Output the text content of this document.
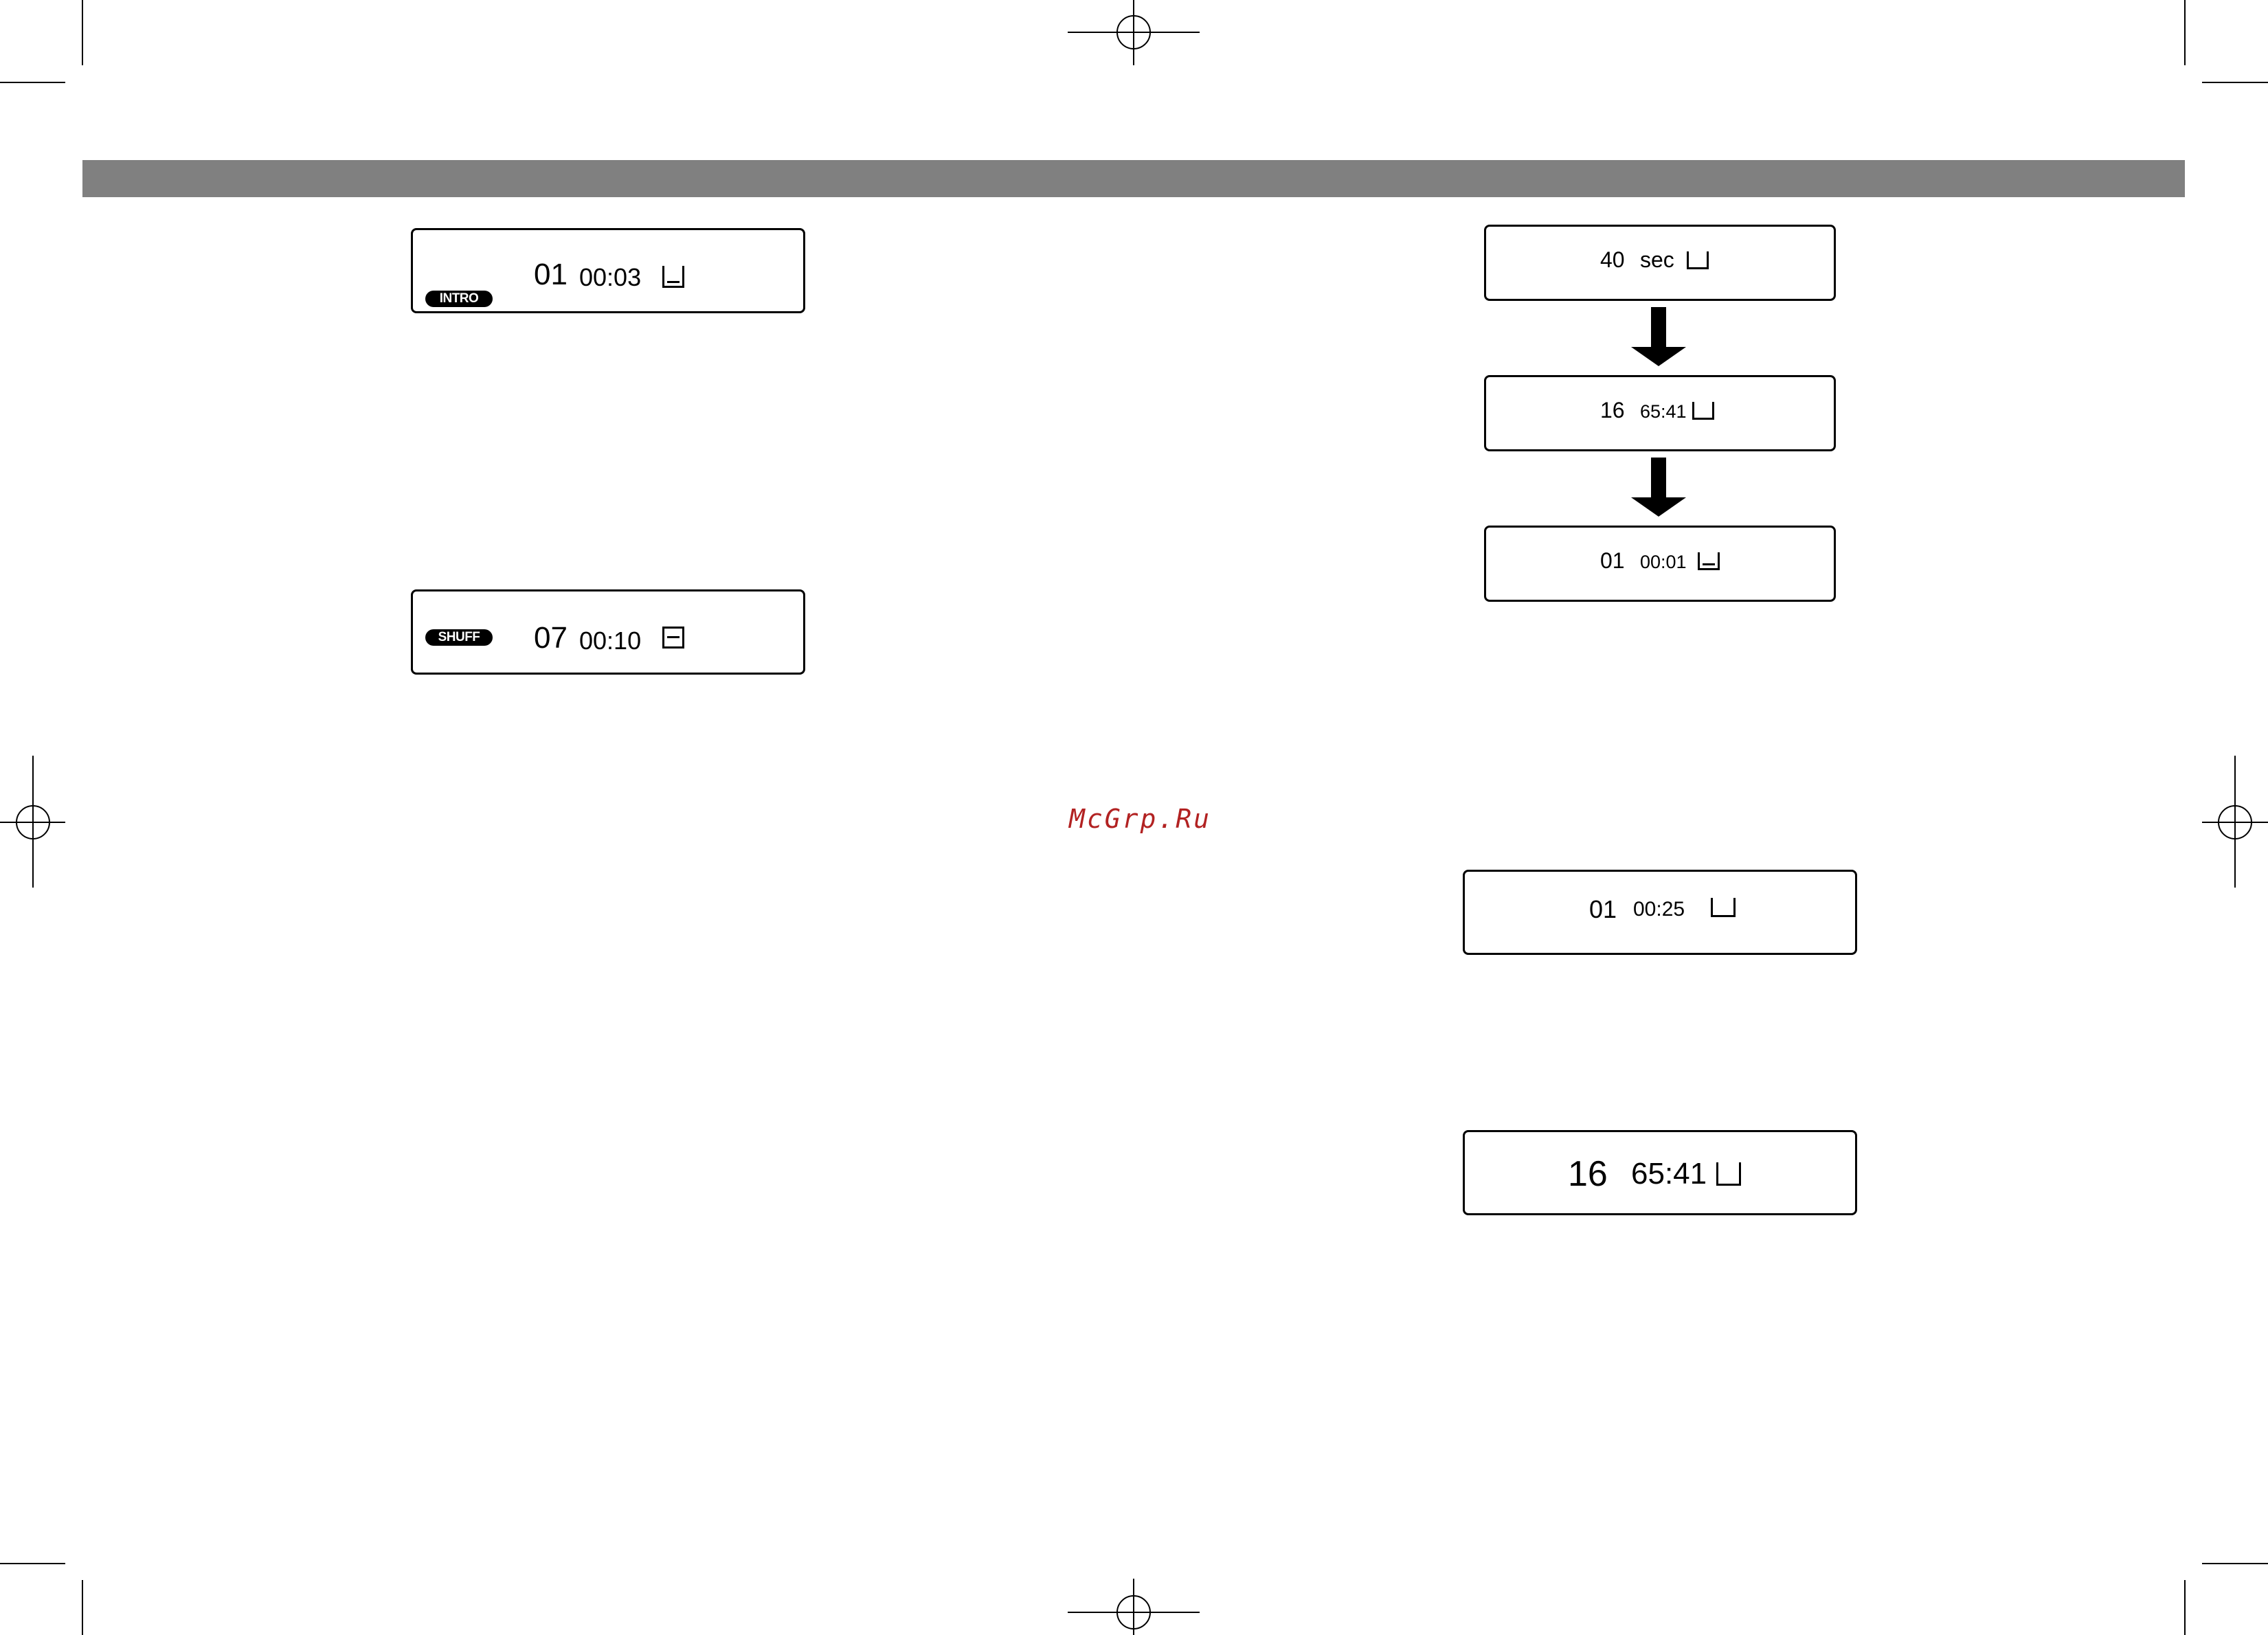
INTRO
01 00:03
SHUFF	07 00:10
40 sec
16 65:41
01 00:01
McGrp.Ru
01 00:25
16 65:41
